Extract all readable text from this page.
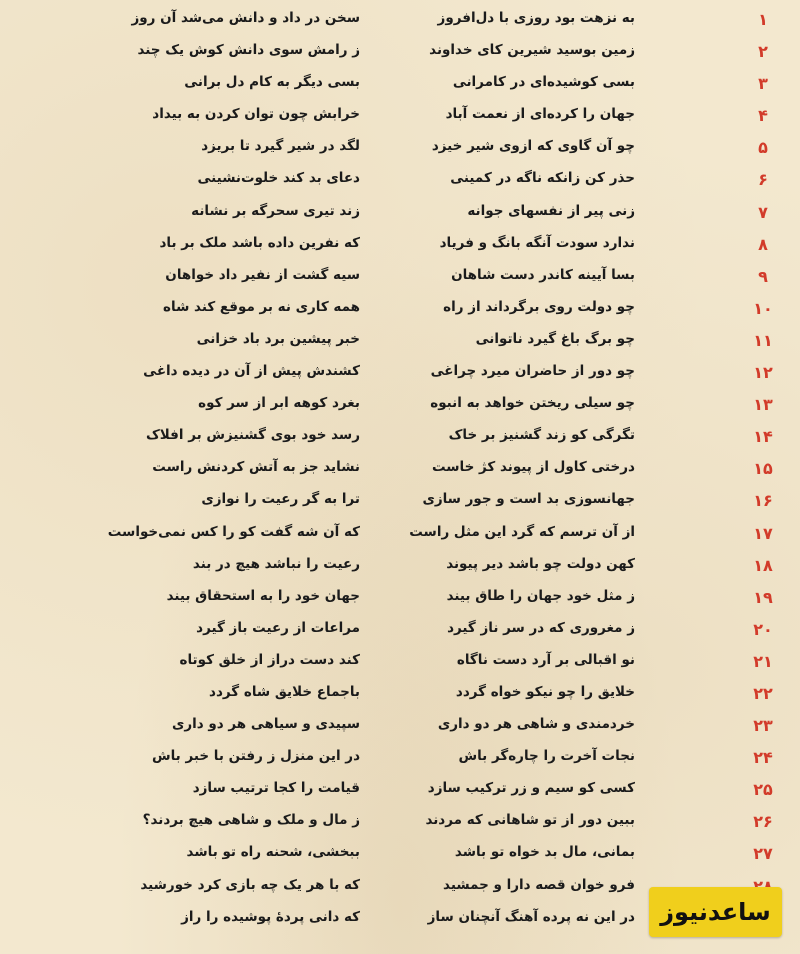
۱
به نزهت بود روزی با دل‌افروز
سخن در داد و دانش می‌شد آن روز
۲
زمین بوسید شیرین کای خداوند
ز رامش سوی دانش کوش یک چند
۳
بسی کوشیده‌ای در کامرانی
بسی دیگر به کام دل برانی
۴
جهان را کرده‌ای از نعمت آباد
خرابش چون توان کردن به بیداد
۵
چو آن گاوی که ازوی شیر خیزد
لگد در شیر گیرد تا بریزد
۶
حذر کن زانکه ناگه در کمینی
دعای بد کند خلوت‌نشینی
۷
زنی پیر از نفسهای جوانه
زند تیری سحرگه بر نشانه
۸
ندارد سودت آنگه بانگ و فریاد
که نفرین داده باشد ملک بر باد
۹
بسا آیینه کاندر دست شاهان
سیه گشت از نفیر داد خواهان
۱۰
چو دولت روی برگرداند از راه
همه کاری نه بر موقع کند شاه
۱۱
چو برگ باغ گیرد ناتوانی
خبر پیشین برد باد خزانی
۱۲
چو دور از حاضران میرد چراغی
کشندش پیش از آن در دیده داغی
۱۳
چو سیلی ریختن خواهد به انبوه
بغرد کوهه ابر از سر کوه
۱۴
تگرگی کو زند گشنیز بر خاک
رسد خود بوی گشنیزش بر افلاک
۱۵
درختی کاول از پیوند کژ خاست
نشاید جز به آتش کردنش راست
۱۶
جهانسوزی بد است و جور سازی
ترا به گر رعیت را نوازی
۱۷
از آن ترسم که گرد این مثل راست
که آن شه گفت کو را کس نمی‌خواست
۱۸
کهن دولت چو باشد دیر پیوند
رعیت را نباشد هیچ در بند
۱۹
ز مثل خود جهان را طاق بیند
جهان خود را به استحقاق بیند
۲۰
ز مغروری که در سر ناز گیرد
مراعات از رعیت باز گیرد
۲۱
نو اقبالی بر آرد دست ناگاه
کند دست دراز از خلق کوتاه
۲۲
خلایق را چو نیکو خواه گردد
باجماع خلایق شاه گردد
۲۳
خردمندی و شاهی هر دو داری
سپیدی و سیاهی هر دو داری
۲۴
نجات آخرت را چاره‌گر باش
در این منزل ز رفتن با خبر باش
۲۵
کسی کو سیم و زر ترکیب سازد
قیامت را کجا ترتیب سازد
۲۶
ببین دور از تو شاهانی که مردند
ز مال و ملک و شاهی هیچ بردند؟
۲۷
بمانی، مال بد خواه تو باشد
ببخشی، شحنه راه تو باشد
فرو خوان قصه دارا و جمشید
که با هر یک چه بازی کرد خورشید
در این نه پرده آهنگ آنچنان ساز
که دانی پردهٔ پوشیده را راز	ساعدنیوز
